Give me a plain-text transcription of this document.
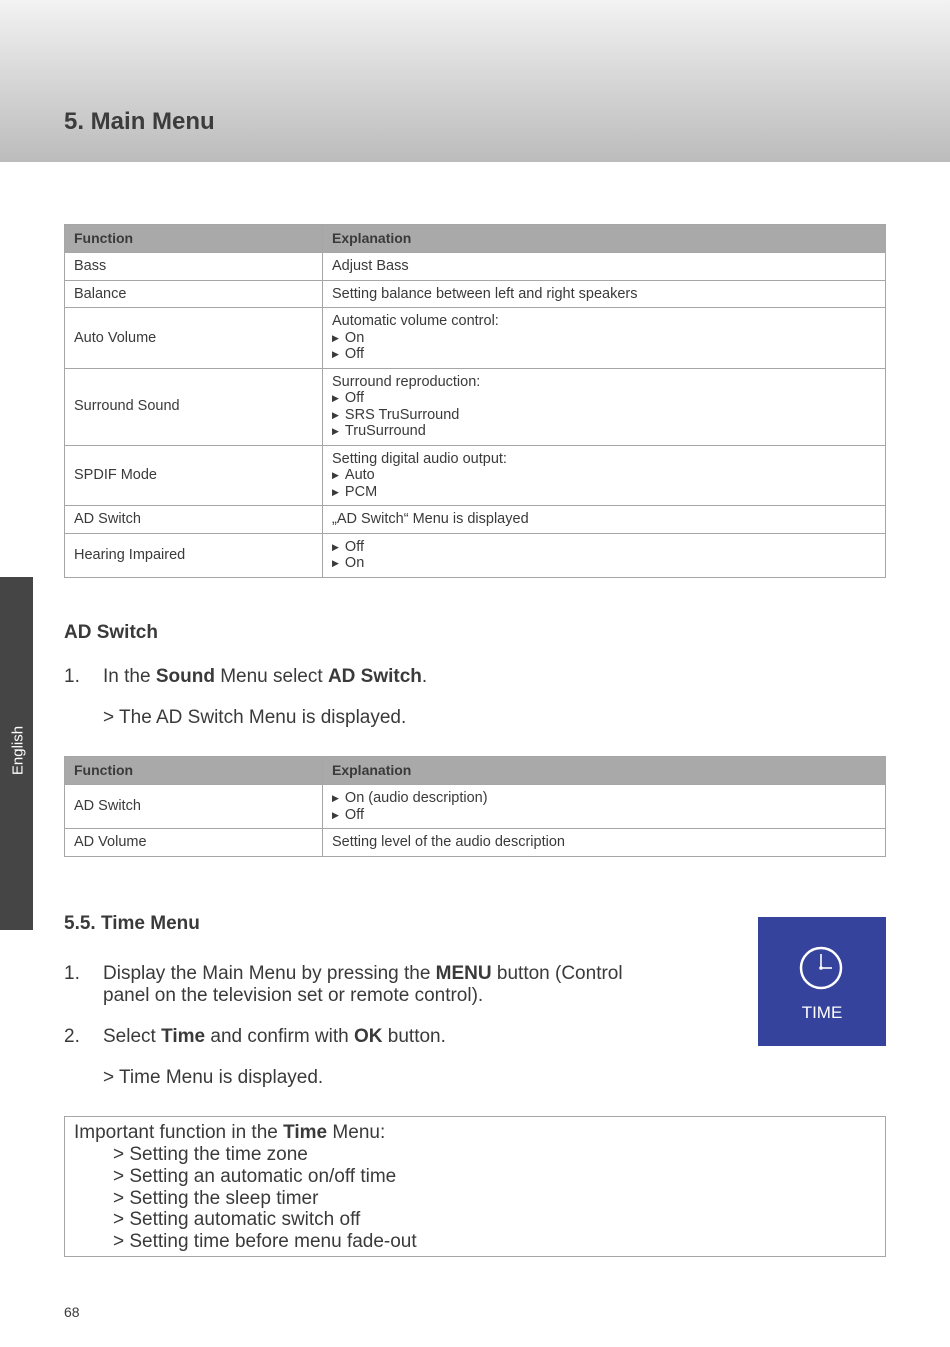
5. Main Menu
English
Function	Explanation
Bass	Adjust Bass

Balance	Setting balance between left and right speakers

Auto Volume	Automatic volume control:
▶ On
▶ Off

Surround Sound	Surround reproduction:
▶ Off
▶ SRS TruSurround
▶ TruSurround

SPDIF Mode	Setting digital audio output:
▶ Auto
▶ PCM

AD Switch	„AD Switch“ Menu is displayed

Hearing Impaired	▶ Off
▶ On
AD Switch
1. In the Sound Menu select AD Switch.
> The AD Switch Menu is displayed.
Function	Explanation
AD Switch	▶ On (audio description)
▶ Off

AD Volume	Setting level of the audio description
5.5. Time Menu
1. Display the Main Menu by pressing the MENU button (Control
panel on the television set or remote control).
2. Select Time and confirm with OK button.
> Time Menu is displayed.
TIME
Important function in the Time Menu:
> Setting the time zone
> Setting an automatic on/off time
> Setting the sleep timer
> Setting automatic switch off
> Setting time before menu fade-out
68
